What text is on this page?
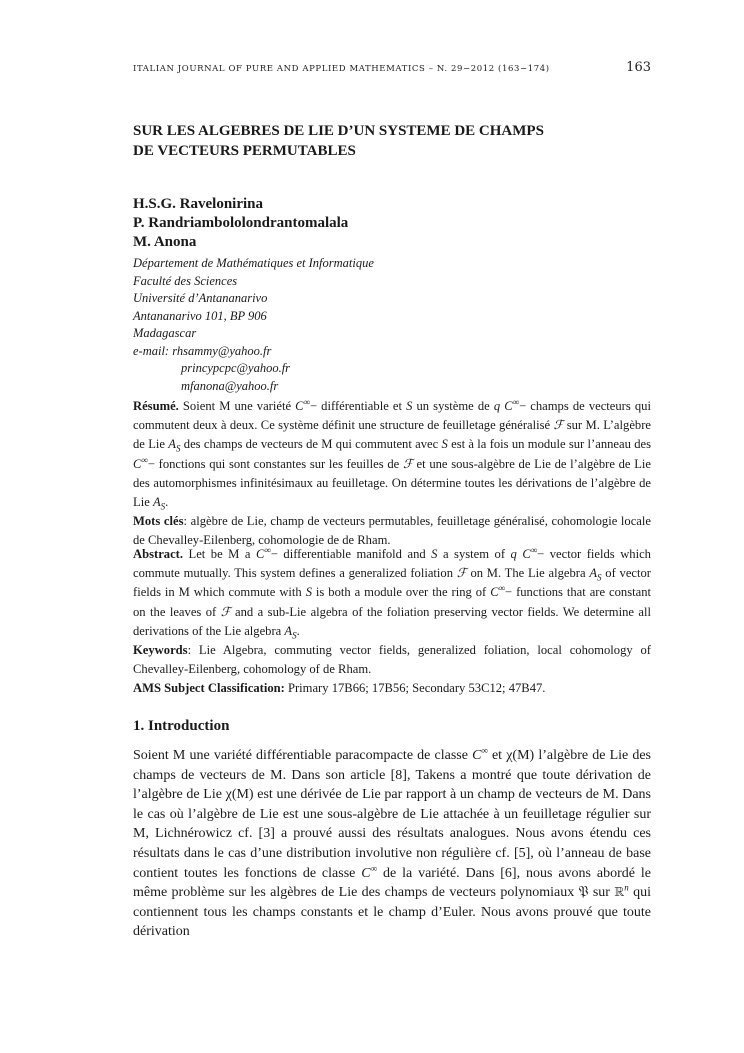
ITALIAN JOURNAL OF PURE AND APPLIED MATHEMATICS – N. 29−2012 (163−174)	163
SUR LES ALGEBRES DE LIE D’UN SYSTEME DE CHAMPS
DE VECTEURS PERMUTABLES
H.S.G. Ravelonirina
P. Randriambololondrantomalala
M. Anona
Département de Mathématiques et Informatique
Faculté des Sciences
Université d’Antananarivo
Antananarivo 101, BP 906
Madagascar
e-mail: rhsammy@yahoo.fr
princypcpc@yahoo.fr
mfanona@yahoo.fr
Résumé. Soient M une variété C∞− différentiable et S un système de q C∞− champs de vecteurs qui commutent deux à deux. Ce système définit une structure de feuilletage généralisé ℱ sur M. L’algèbre de Lie $A_S$ des champs de vecteurs de M qui commutent avec S est à la fois un module sur l’anneau des C∞− fonctions qui sont constantes sur les feuilles de ℱ et une sous-algèbre de Lie de l’algèbre de Lie des automorphismes infinitésimaux au feuilletage. On détermine toutes les dérivations de l’algèbre de Lie $A_S$.
Mots clés: algèbre de Lie, champ de vecteurs permutables, feuilletage généralisé, cohomologie locale de Chevalley-Eilenberg, cohomologie de de Rham.
Abstract. Let be M a C∞− differentiable manifold and S a system of q C∞− vector fields which commute mutually. This system defines a generalized foliation ℱ on M. The Lie algebra $A_S$ of vector fields in M which commute with S is both a module over the ring of C∞− functions that are constant on the leaves of ℱ and a sub-Lie algebra of the foliation preserving vector fields. We determine all derivations of the Lie algebra $A_S$.
Keywords: Lie Algebra, commuting vector fields, generalized foliation, local cohomology of Chevalley-Eilenberg, cohomology of de Rham.
AMS Subject Classification: Primary 17B66; 17B56; Secondary 53C12; 47B47.
1. Introduction
Soient M une variété différentiable paracompacte de classe C∞ et χ(M) l’algèbre de Lie des champs de vecteurs de M. Dans son article [8], Takens a montré que toute dérivation de l’algèbre de Lie χ(M) est une dérivée de Lie par rapport à un champ de vecteurs de M. Dans le cas où l’algèbre de Lie est une sous-algèbre de Lie attachée à un feuilletage régulier sur M, Lichnérowicz cf. [3] a prouvé aussi des résultats analogues. Nous avons étendu ces résultats dans le cas d’une distribution involutive non régulière cf. [5], où l’anneau de base contient toutes les fonctions de classe C∞ de la variété. Dans [6], nous avons abordé le même problème sur les algèbres de Lie des champs de vecteurs polynomiaux 𝔓 sur ℝ$^n$ qui contiennent tous les champs constants et le champ d’Euler. Nous avons prouvé que toute dérivation
